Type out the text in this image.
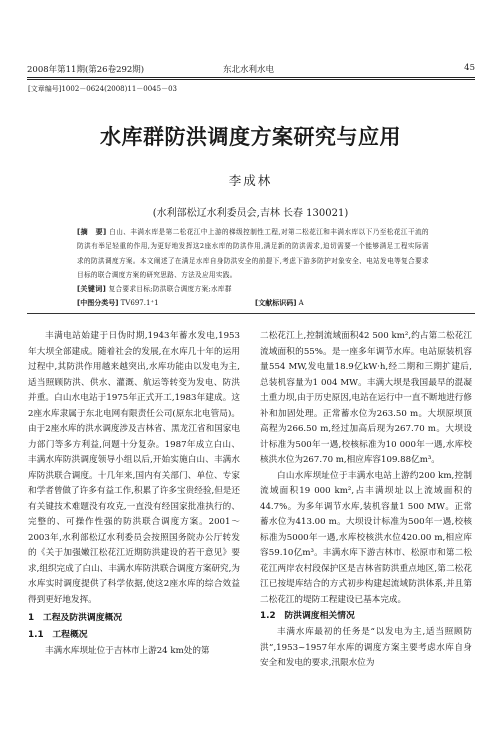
2008年第11期(第26卷292期)	东北水利水电	45
[文章编号]1002－0624(2008)11－0045－03
水库群防洪调度方案研究与应用
李成林
(水利部松辽水利委员会,吉林 长春 130021)
[摘　要] 白山、丰满水库是第二松花江中上游的梯级控制性工程,对第二松花江和丰满水库以下乃至松花江干流的防洪有举足轻重的作用,为更好地发挥这2座水库的防洪作用,满足新的防洪需求,迫切需要一个能够满足工程实际需求的防洪调度方案。本文阐述了在满足水库自身防洪安全的前提下,考虑下游多防护对象安全、电站发电等复合要求目标的联合调度方案的研究思路、方法及应用实践。
[关键词] 复合要求目标;防洪联合调度方案;水库群
[中图分类号] TV697.1⁺1	[文献标识码] A

丰满电站始建于日伪时期,1943年蓄水发电,1953年大坝全部建成。随着社会的发展,在水库几十年的运用过程中,其防洪作用越来越突出,水库功能由以发电为主,适当照顾防洪、供水、灌溉、航运等转变为发电、防洪并重。白山水电站于1975年正式开工,1983年建成。这2座水库隶属于东北电网有限责任公司(原东北电管局)。由于2座水库的洪水调度涉及吉林省、黑龙江省和国家电力部门等多方利益,问题十分复杂。1987年成立白山、丰满水库防洪调度领导小组以后,开始实施白山、丰满水库防洪联合调度。十几年来,国内有关部门、单位、专家和学者曾做了许多有益工作,积累了许多宝贵经验,但是还有关键技术难题没有攻克,一直没有经国家批准执行的、完整的、可操作性强的防洪联合调度方案。2001～2003年,水利部松辽水利委员会按照国务院办公厅转发的《关于加强嫩江松花江近期防洪建设的若干意见》要求,组织完成了白山、丰满水库防洪联合调度方案研究,为水库实时调度提供了科学依据,使这2座水库的综合效益得到更好地发挥。

1　工程及防洪调度概况
1.1　工程概况

丰满水库坝址位于吉林市上游24 km处的第

二松花江上,控制流域面积42 500 km²,约占第二松花江流域面积的55%。是一座多年调节水库。电站原装机容量554 MW,发电量18.9亿kW·h,经二期和三期扩建后,总装机容量为1 004 MW。丰满大坝是我国最早的混凝土重力坝,由于历史原因,电站在运行中一直不断地进行修补和加固处理。正常蓄水位为263.50 m。大坝原坝顶高程为266.50 m,经过加高后现为267.70 m。大坝设计标准为500年一遇,校核标准为10 000年一遇,水库校核洪水位为267.70 m,相应库容109.88亿m³。

白山水库坝址位于丰满水电站上游约200 km,控制流域面积19 000 km²,占丰满坝址以上流域面积的44.7%。为多年调节水库,装机容量1 500 MW。正常蓄水位为413.00 m。大坝设计标准为500年一遇,校核标准为5000年一遇,水库校核洪水位420.00 m,相应库容59.10亿m³。丰满水库下游吉林市、松原市和第二松花江两岸农村段保护区是吉林省防洪重点地区,第二松花江已按堤库结合的方式初步构建起流域防洪体系,并且第二松花江的堤防工程建设已基本完成。

1.2　防洪调度相关情况

丰满水库最初的任务是“以发电为主,适当照顾防洪”,1953~1957年水库的调度方案主要考虑水库自身安全和发电的要求,汛限水位为
